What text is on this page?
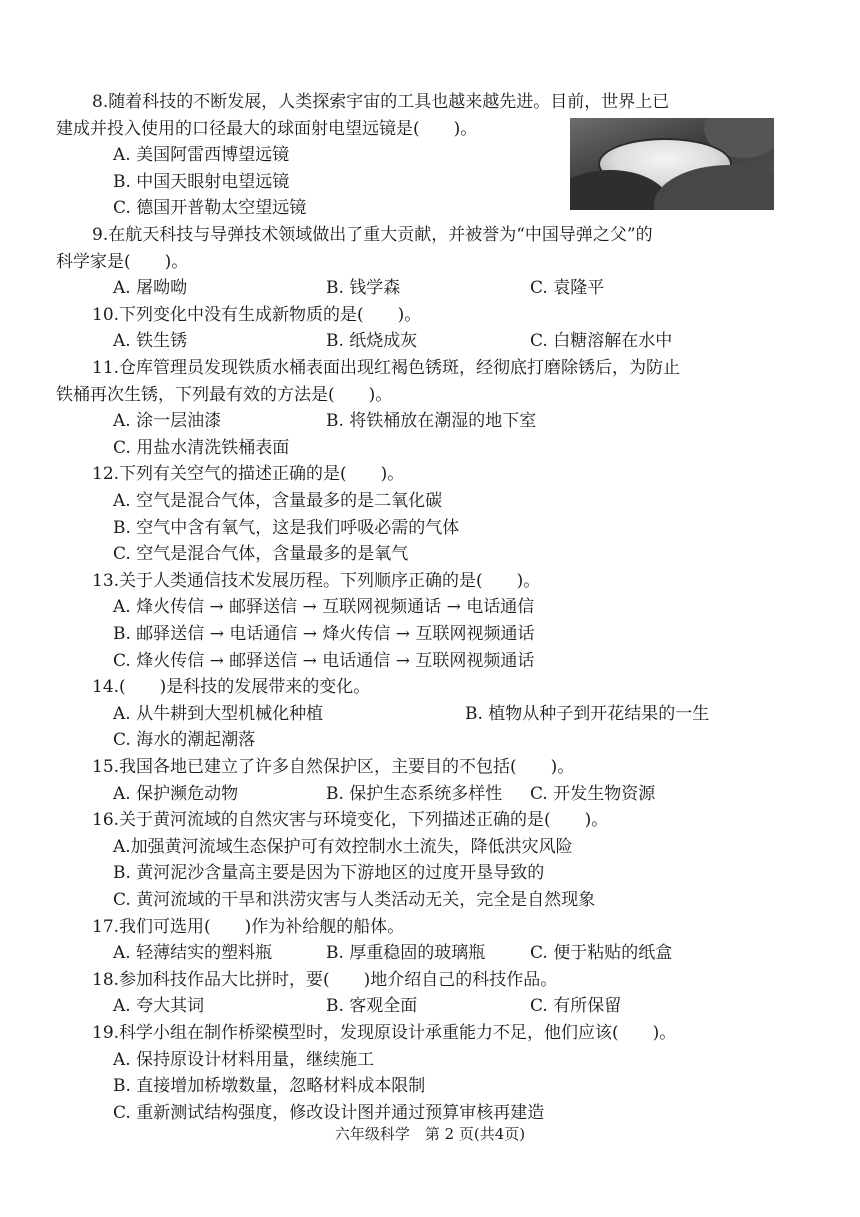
8.随着科技的不断发展，人类探索宇宙的工具也越来越先进。目前，世界上已
建成并投入使用的口径最大的球面射电望远镜是(　　)。
A. 美国阿雷西博望远镜
B. 中国天眼射电望远镜
C. 德国开普勒太空望远镜
9.在航天科技与导弹技术领域做出了重大贡献，并被誉为“中国导弹之父”的
科学家是(　　)。
A. 屠呦呦	B. 钱学森	C. 袁隆平
10.下列变化中没有生成新物质的是(　　)。
A. 铁生锈	B. 纸烧成灰	C. 白糖溶解在水中
11.仓库管理员发现铁质水桶表面出现红褐色锈斑，经彻底打磨除锈后，为防止
铁桶再次生锈，下列最有效的方法是(　　)。
A. 涂一层油漆	B. 将铁桶放在潮湿的地下室
C. 用盐水清洗铁桶表面
12.下列有关空气的描述正确的是(　　)。
A. 空气是混合气体，含量最多的是二氧化碳
B. 空气中含有氧气，这是我们呼吸必需的气体
C. 空气是混合气体，含量最多的是氧气
13.关于人类通信技术发展历程。下列顺序正确的是(　　)。
A. 烽火传信 → 邮驿送信 → 互联网视频通话 → 电话通信
B. 邮驿送信 → 电话通信 → 烽火传信 → 互联网视频通话
C. 烽火传信 → 邮驿送信 → 电话通信 → 互联网视频通话
14.(　　)是科技的发展带来的变化。
A. 从牛耕到大型机械化种植	B. 植物从种子到开花结果的一生
C. 海水的潮起潮落
15.我国各地已建立了许多自然保护区，主要目的不包括(　　)。
A. 保护濒危动物	B. 保护生态系统多样性 C. 开发生物资源
16.关于黄河流域的自然灾害与环境变化，下列描述正确的是(　　)。
A.加强黄河流域生态保护可有效控制水土流失，降低洪灾风险
B. 黄河泥沙含量高主要是因为下游地区的过度开垦导致的
C. 黄河流域的干旱和洪涝灾害与人类活动无关，完全是自然现象
17.我们可选用(　　)作为补给舰的船体。
A. 轻薄结实的塑料瓶	B. 厚重稳固的玻璃瓶	C. 便于粘贴的纸盒
18.参加科技作品大比拼时，要(　　)地介绍自己的科技作品。
A. 夸大其词	B. 客观全面	C. 有所保留
19.科学小组在制作桥梁模型时，发现原设计承重能力不足，他们应该(　　)。
A. 保持原设计材料用量，继续施工
B. 直接增加桥墩数量，忽略材料成本限制
C. 重新测试结构强度，修改设计图并通过预算审核再建造
六年级科学　第 2 页(共4页)
